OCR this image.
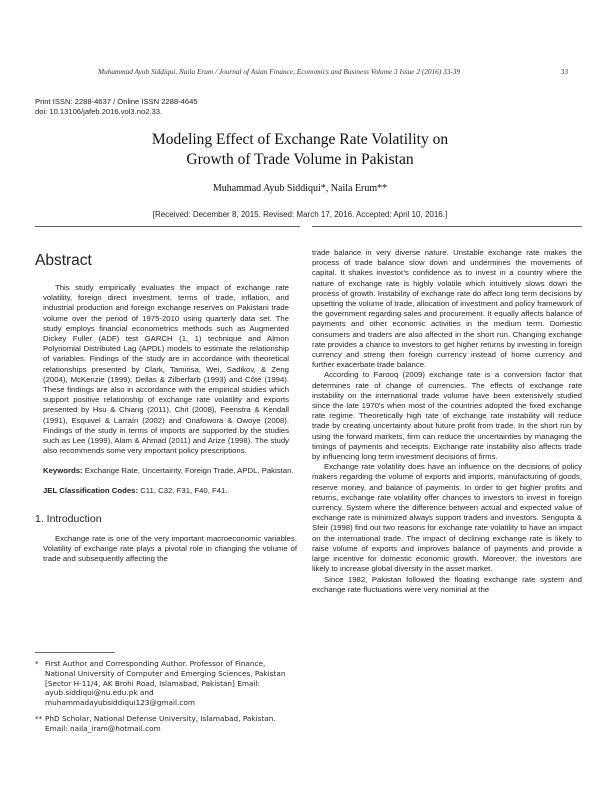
Muhammad Ayub Siddiqui, Naila Erum / Journal of Asian Finance, Economics and Business Volume 3 Issue 2 (2016) 33-39	33
Print ISSN: 2288-4637 / Online ISSN 2288-4645
doi: 10.13106/jafeb.2016.vol3.no2.33.
Modeling Effect of Exchange Rate Volatility on
Growth of Trade Volume in Pakistan
Muhammad Ayub Siddiqui*, Naila Erum**
[Received: December 8, 2015. Revised: March 17, 2016. Accepted: April 10, 2016.]

Abstract

This study empirically evaluates the impact of exchange rate volatility, foreign direct investment, terms of trade, inflation, and industrial production and foreign exchange reserves on Pakistani trade volume over the period of 1975-2010 using quarterly data set. The study employs financial econometrics methods such as Augmented Dickey Fuller (ADF) test GARCH (1, 1) technique and Almon Polynomial Distributed Lag (APDL) models to estimate the relationship of variables. Findings of the study are in accordance with theoretical relationships presented by Clark, Tamirisa, Wei, Sadikov, & Zeng (2004), McKenzie (1999), Dellas & Zilberfarb (1993) and Côté (1994). These findings are also in accordance with the empirical studies which support positive relationship of exchange rate volatility and exports presented by Hsu & Chiang (2011), Chit (2008), Feenstra & Kendall (1991), Esquivel & Larraín (2002) and Onafowora & Owoye (2008). Findings of the study in terms of imports are supported by the studies such as Lee (1999), Alam & Ahmad (2011) and Arize (1998). The study also recommends some very important policy prescriptions.

Keywords:
Exchange Rate, Uncertainty, Foreign Trade, APDL, Pakistan.

JEL Classification Codes: C11, C32, F31, F40, F41.

1. Introduction

Exchange rate is one of the very important macroeconomic variables. Volatility of exchange rate plays a pivotal role in changing the volume of trade and subsequently affecting the

* First Author and Corresponding Author. Professor of Finance, National University of Computer and Emerging Sciences, Pakistan [Sector H-11/4, AK Brohi Road, Islamabad, Pakistan] Email: ayub.siddiqui@nu.edu.pk and muhammadayubsiddiqui123@gmail.com
** PhD Scholar, National Defense University, Islamabad, Pakistan. Email: naila_iram@hotmail.com

trade balance in very diverse nature. Unstable exchange rate makes the process of trade balance slow down and undermines the movements of capital. It shakes investor's confidence as to invest in a country where the nature of exchange rate is highly volatile which intuitively slows down the process of growth. Instability of exchange rate do affect long term decisions by upsetting the volume of trade, allocation of investment and policy framework of the government regarding sales and procurement. It equally affects balance of payments and other economic activities in the medium term. Domestic consumers and traders are also affected in the short run. Changing exchange rate provides a chance to investors to get higher returns by investing in foreign currency and streng then foreign currency instead of home currency and further exacerbate trade balance.

According to Farooq (2009) exchange rate is a conversion factor that determines rate of change of currencies. The effects of exchange rate instability on the international trade volume have been extensively studied since the late 1970's when most of the countries adopted the fixed exchange rate regime. Theoretically high rate of exchange rate instability will reduce trade by creating uncertainty about future profit from trade. In the short run by using the forward markets, firm can reduce the uncertainties by managing the timings of payments and receipts. Exchange rate instability also affects trade by influencing long term investment decisions of firms.

Exchange rate volatility does have an influence on the decisions of policy makers regarding the volume of exports and imports, manufacturing of goods, reserve money, and balance of payments. In order to get higher profits and returns, exchange rate volatility offer chances to investors to invest in foreign currency. System where the difference between actual and expected value of exchange rate is minimized always support traders and investors. Sengupta & Sfeir (1998) find out two reasons for exchange rate volatility to have an impact on the international trade. The impact of declining exchange rate is likely to raise volume of exports and improves balance of payments and provide a large incentive for domestic economic growth. Moreover, the investors are likely to increase global diversity in the asset market.

Since 1982, Pakistan followed the floating exchange rate system and exchange rate fluctuations were very nominal at the
